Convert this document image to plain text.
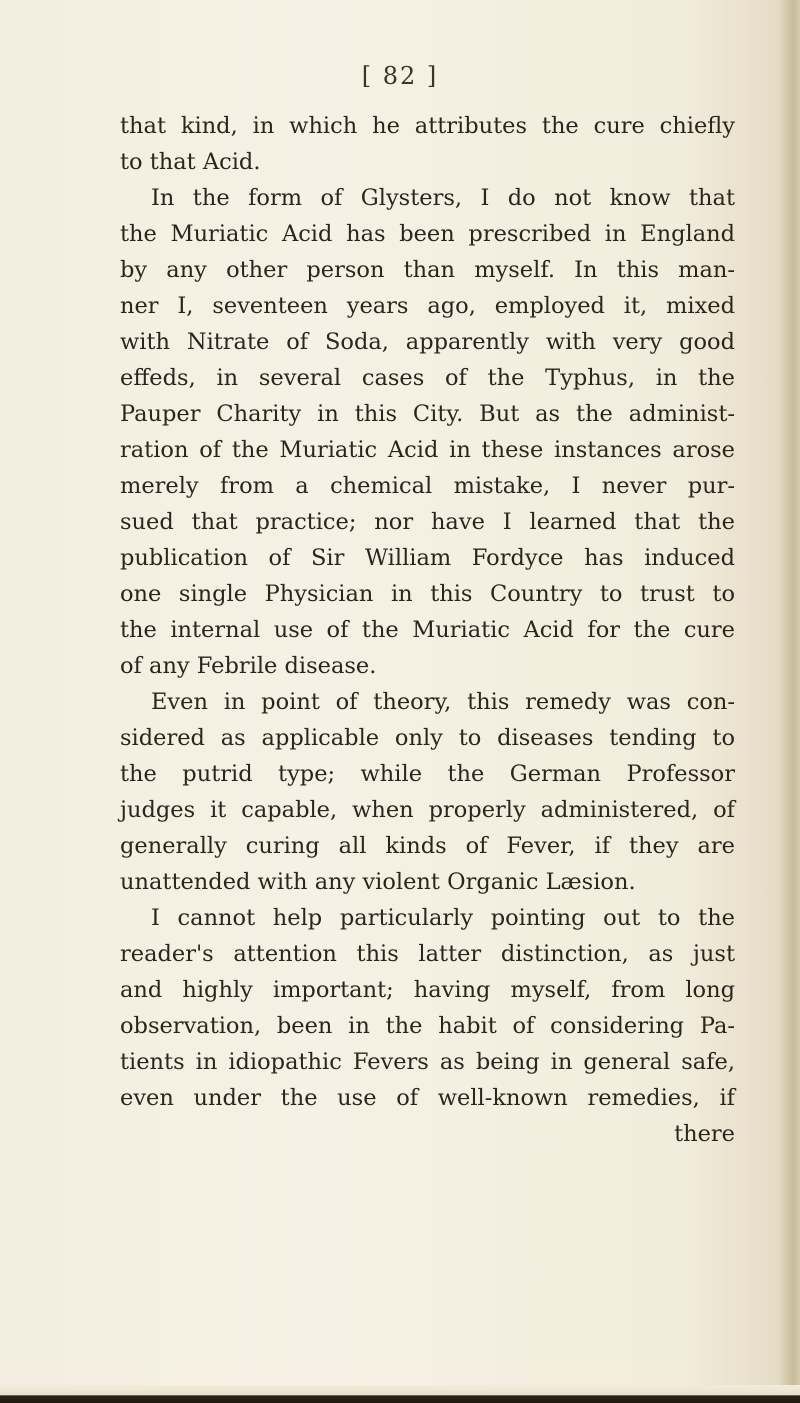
[ 82 ]
that kind, in which he attributes the cure chiefly
to that Acid.
In the form of Glysters, I do not know that
the Muriatic Acid has been prescribed in England
by any other person than myself. In this man-
ner I, seventeen years ago, employed it, mixed
with Nitrate of Soda, apparently with very good
effeds, in several cases of the Typhus, in the
Pauper Charity in this City. But as the administ-
ration of the Muriatic Acid in these instances arose
merely from a chemical mistake, I never pur-
sued that practice; nor have I learned that the
publication of Sir William Fordyce has induced
one single Physician in this Country to trust to
the internal use of the Muriatic Acid for the cure
of any Febrile disease.
Even in point of theory, this remedy was con-
sidered as applicable only to diseases tending to
the putrid type; while the German Professor
judges it capable, when properly administered, of
generally curing all kinds of Fever, if they are
unattended with any violent Organic Læsion.
I cannot help particularly pointing out to the
reader's attention this latter distinction, as just
and highly important; having myself, from long
observation, been in the habit of considering Pa-
tients in idiopathic Fevers as being in general safe,
even under the use of well-known remedies, if
there
